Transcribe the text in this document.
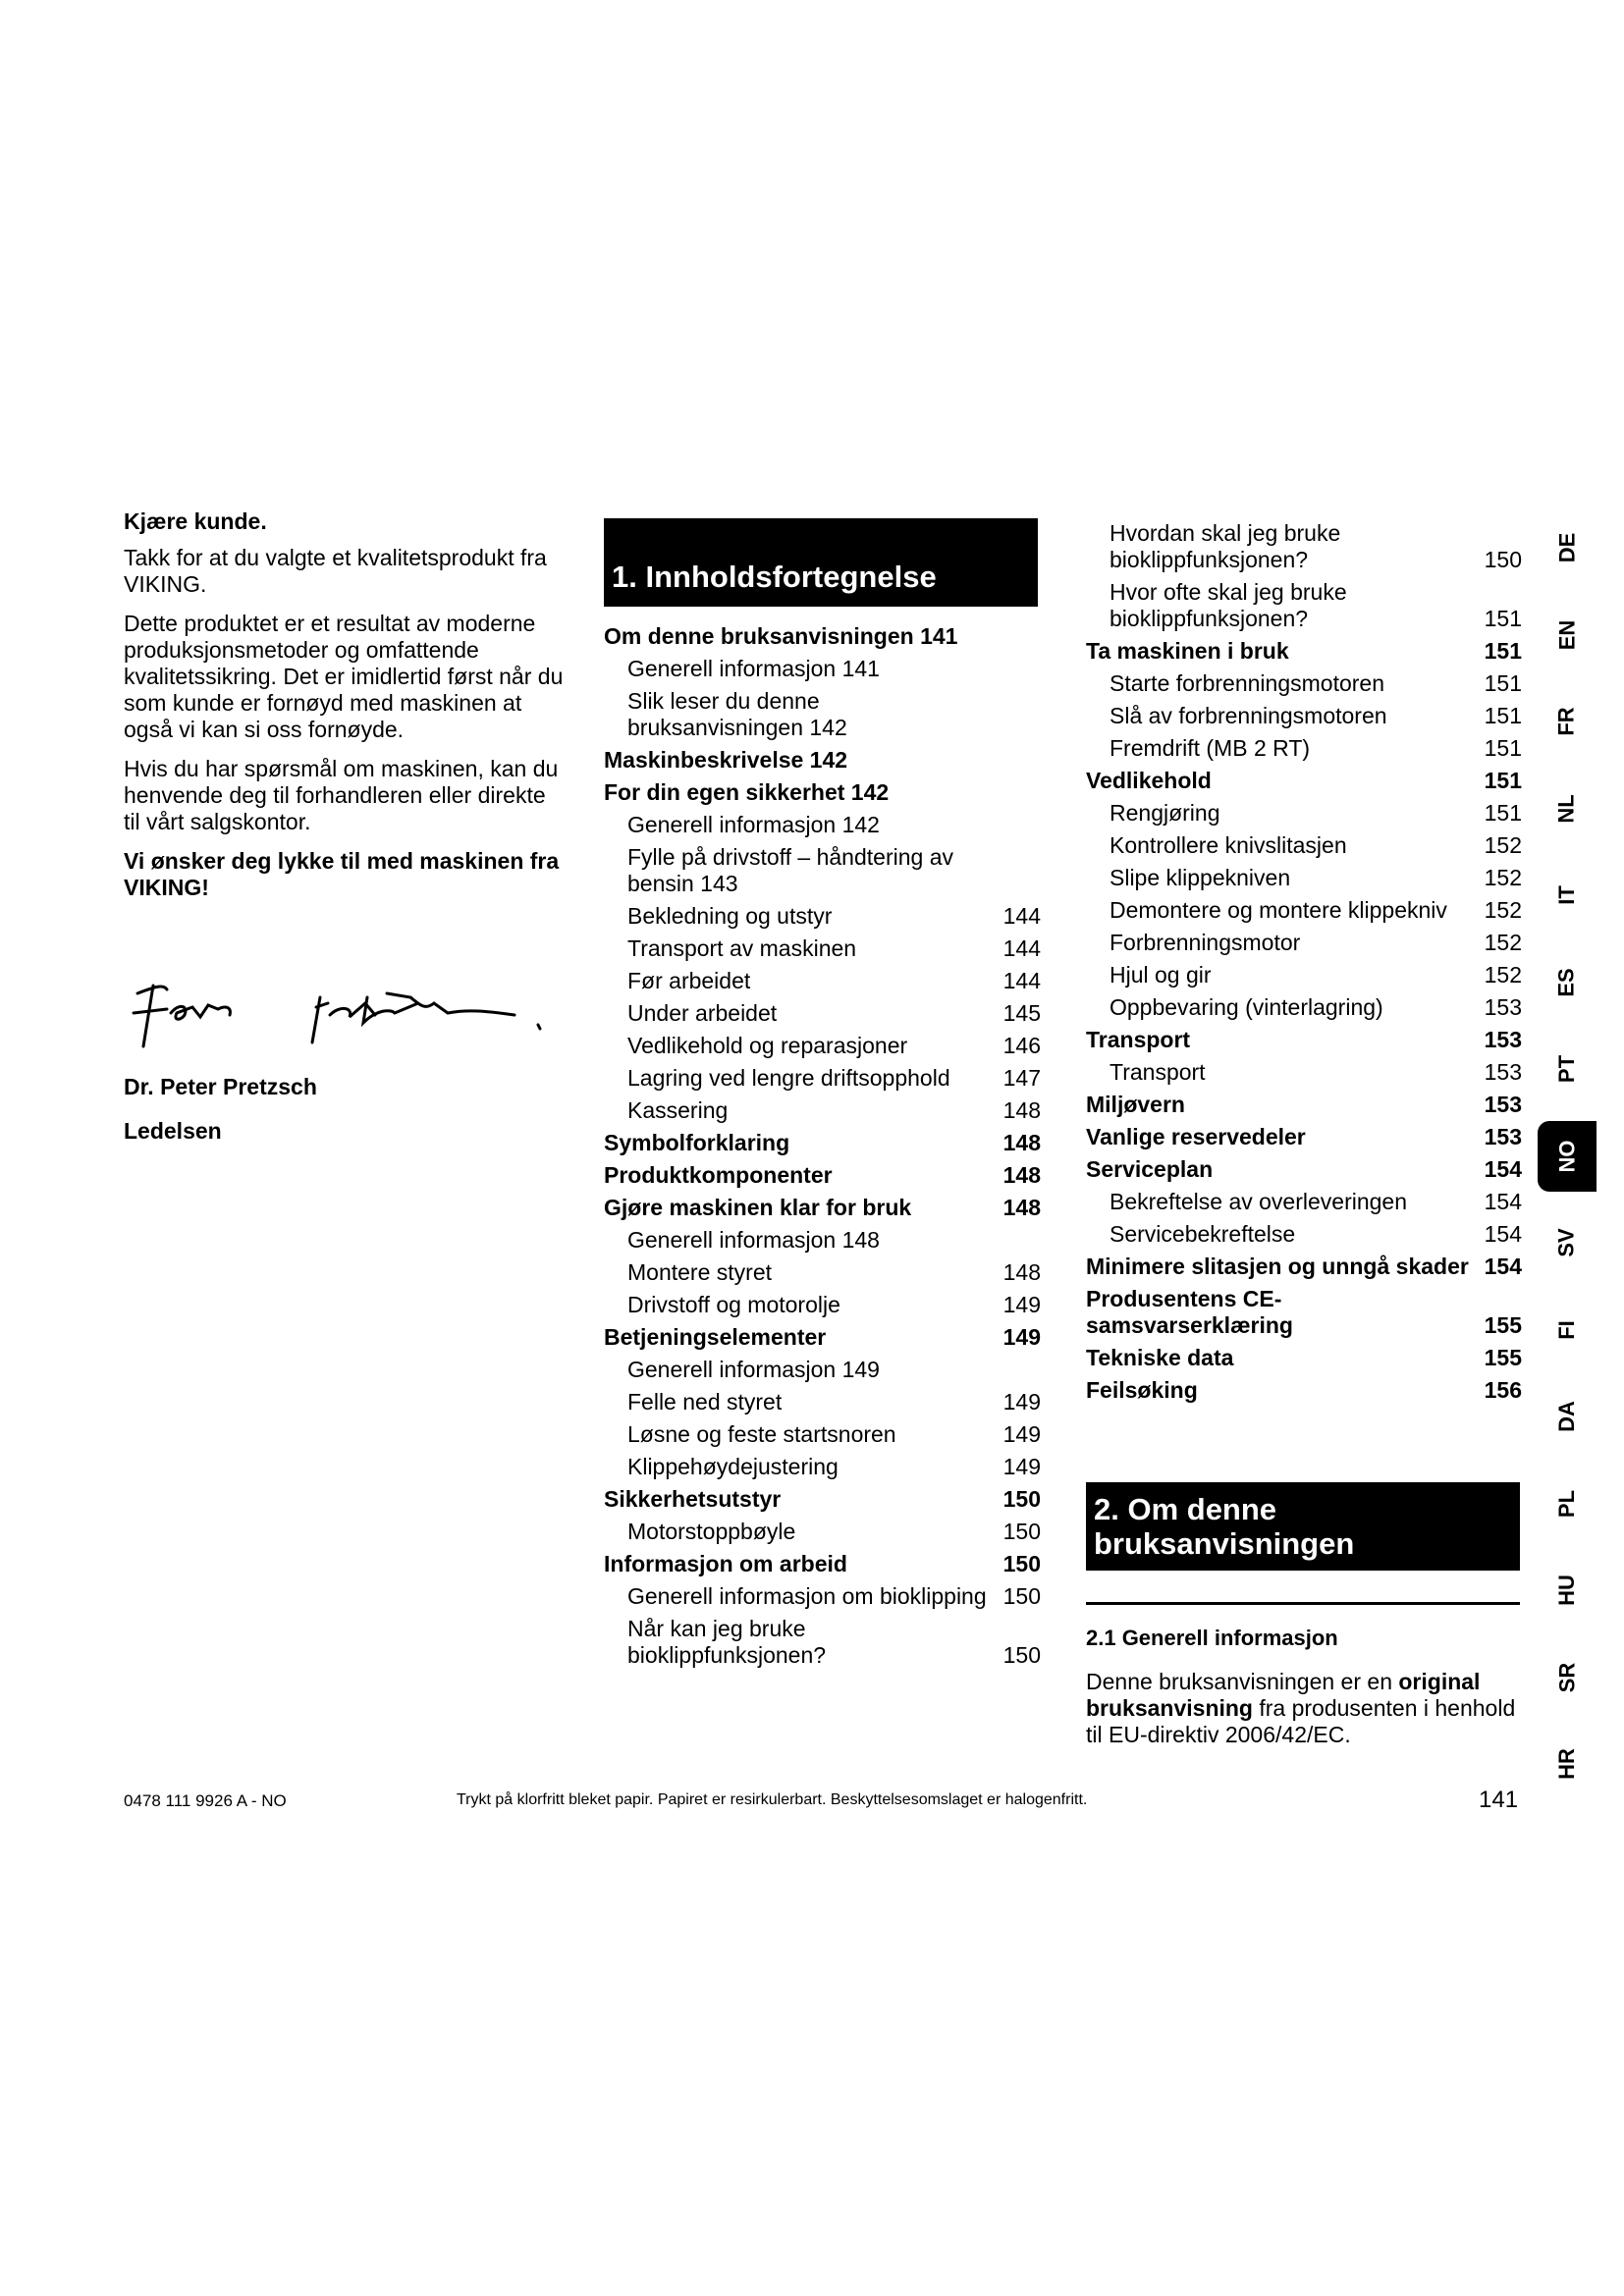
Kjære kunde.

Takk for at du valgte et kvalitetsprodukt fra VIKING.

Dette produktet er et resultat av moderne produksjonsmetoder og omfattende kvalitetssikring. Det er imidlertid først når du som kunde er fornøyd med maskinen at også vi kan si oss fornøyde.

Hvis du har spørsmål om maskinen, kan du henvende deg til forhandleren eller direkte til vårt salgskontor.

Vi ønsker deg lykke til med maskinen fra VIKING!

Dr. Peter Pretzsch
Ledelsen
1. Innholdsfortegnelse
Om denne bruksanvisningen 141
Generell informasjon 141
Slik leser du denne bruksanvisningen 142
Maskinbeskrivelse 142
For din egen sikkerhet 142
Generell informasjon 142
Fylle på drivstoff – håndtering av bensin 143
Bekledning og utstyr	144
Transport av maskinen	144
Før arbeidet	144
Under arbeidet	145
Vedlikehold og reparasjoner	146
Lagring ved lengre driftsopphold	147
Kassering	148
Symbolforklaring	148
Produktkomponenter	148
Gjøre maskinen klar for bruk	148
Generell informasjon 148
Montere styret	148
Drivstoff og motorolje	149
Betjeningselementer	149
Generell informasjon 149
Felle ned styret	149
Løsne og feste startsnoren	149
Klippehøydejustering	149
Sikkerhetsutstyr	150
Motorstoppbøyle	150
Informasjon om arbeid	150
Generell informasjon om bioklipping 150
Når kan jeg bruke bioklippfunksjonen?	150
Hvordan skal jeg bruke bioklippfunksjonen?	150
Hvor ofte skal jeg bruke bioklippfunksjonen?	151
Ta maskinen i bruk	151
Starte forbrenningsmotoren	151
Slå av forbrenningsmotoren	151
Fremdrift (MB 2 RT)	151
Vedlikehold	151
Rengjøring	151
Kontrollere knivslitasjen	152
Slipe klippekniven	152
Demontere og montere klippekniv	152
Forbrenningsmotor	152
Hjul og gir	152
Oppbevaring (vinterlagring)	153
Transport	153
Transport	153
Miljøvern	153
Vanlige reservedeler	153
Serviceplan	154
Bekreftelse av overleveringen	154
Servicebekreftelse	154
Minimere slitasjen og unngå skader 154
Produsentens CE-samsvarserklæring	155
Tekniske data	155
Feilsøking	156
2. Om denne bruksanvisningen
2.1 Generell informasjon
Denne bruksanvisningen er en original bruksanvisning fra produsenten i henhold til EU-direktiv 2006/42/EC.
DE
EN
FR
NL
IT
ES
PT
NO
SV
FI
DA
PL
HU
SR
HR
0478 111 9926 A - NO	Trykt på klorfritt bleket papir. Papiret er resirkulerbart. Beskyttelsesomslaget er halogenfritt.	141
